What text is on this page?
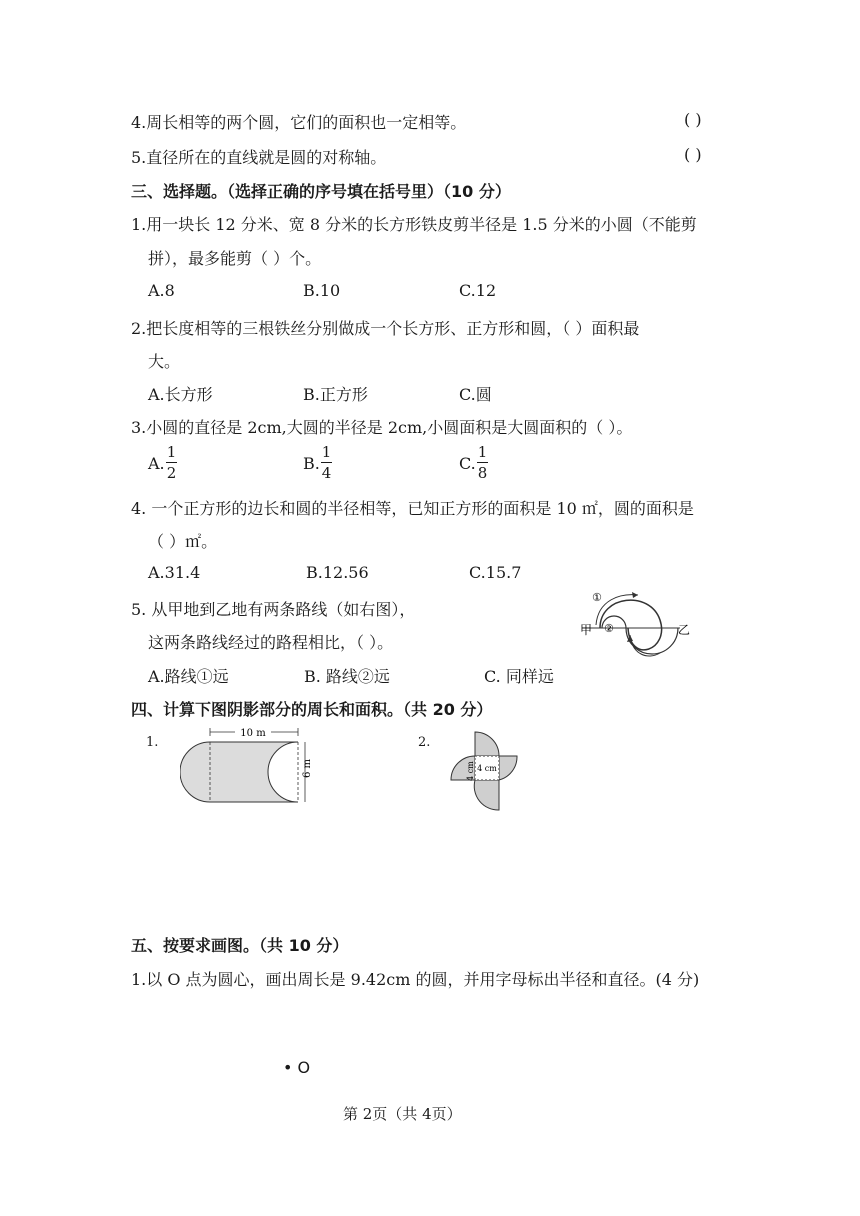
4.周长相等的两个圆，它们的面积也一定相等。	( )
5.直径所在的直线就是圆的对称轴。	( )
三、选择题。（选择正确的序号填在括号里）（10 分）
1.用一块长 12 分米、宽 8 分米的长方形铁皮剪半径是 1.5 分米的小圆（不能剪
拼），最多能剪（ ）个。
A.8	B.10	C.12
2.把长度相等的三根铁丝分别做成一个长方形、正方形和圆，（ ）面积最
大。
A.长方形	B.正方形	C.圆
3.小圆的直径是 2cm,大圆的半径是 2cm,小圆面积是大圆面积的（ ）。
A.
1
2	B.
1
4	C.
1
8
4. 一个正方形的边长和圆的半径相等，已知正方形的面积是 10 ㎡，圆的面积是
（ ）㎡。
A.31.4	B.12.56	C.15.7
5. 从甲地到乙地有两条路线（如右图），
这两条路线经过的路程相比，（ ）。
A.路线①远	B. 路线②远	C. 同样远
甲	乙
①
②
四、计算下图阴影部分的周长和面积。（共 20 分）
1.
10 m
6 m
2.
4 cm
4 cm
五、按要求画图。（共 10 分）
1.以 O 点为圆心，画出周长是 9.42cm 的圆，并用字母标出半径和直径。(4 分)
• O
第 2页（共 4页）
